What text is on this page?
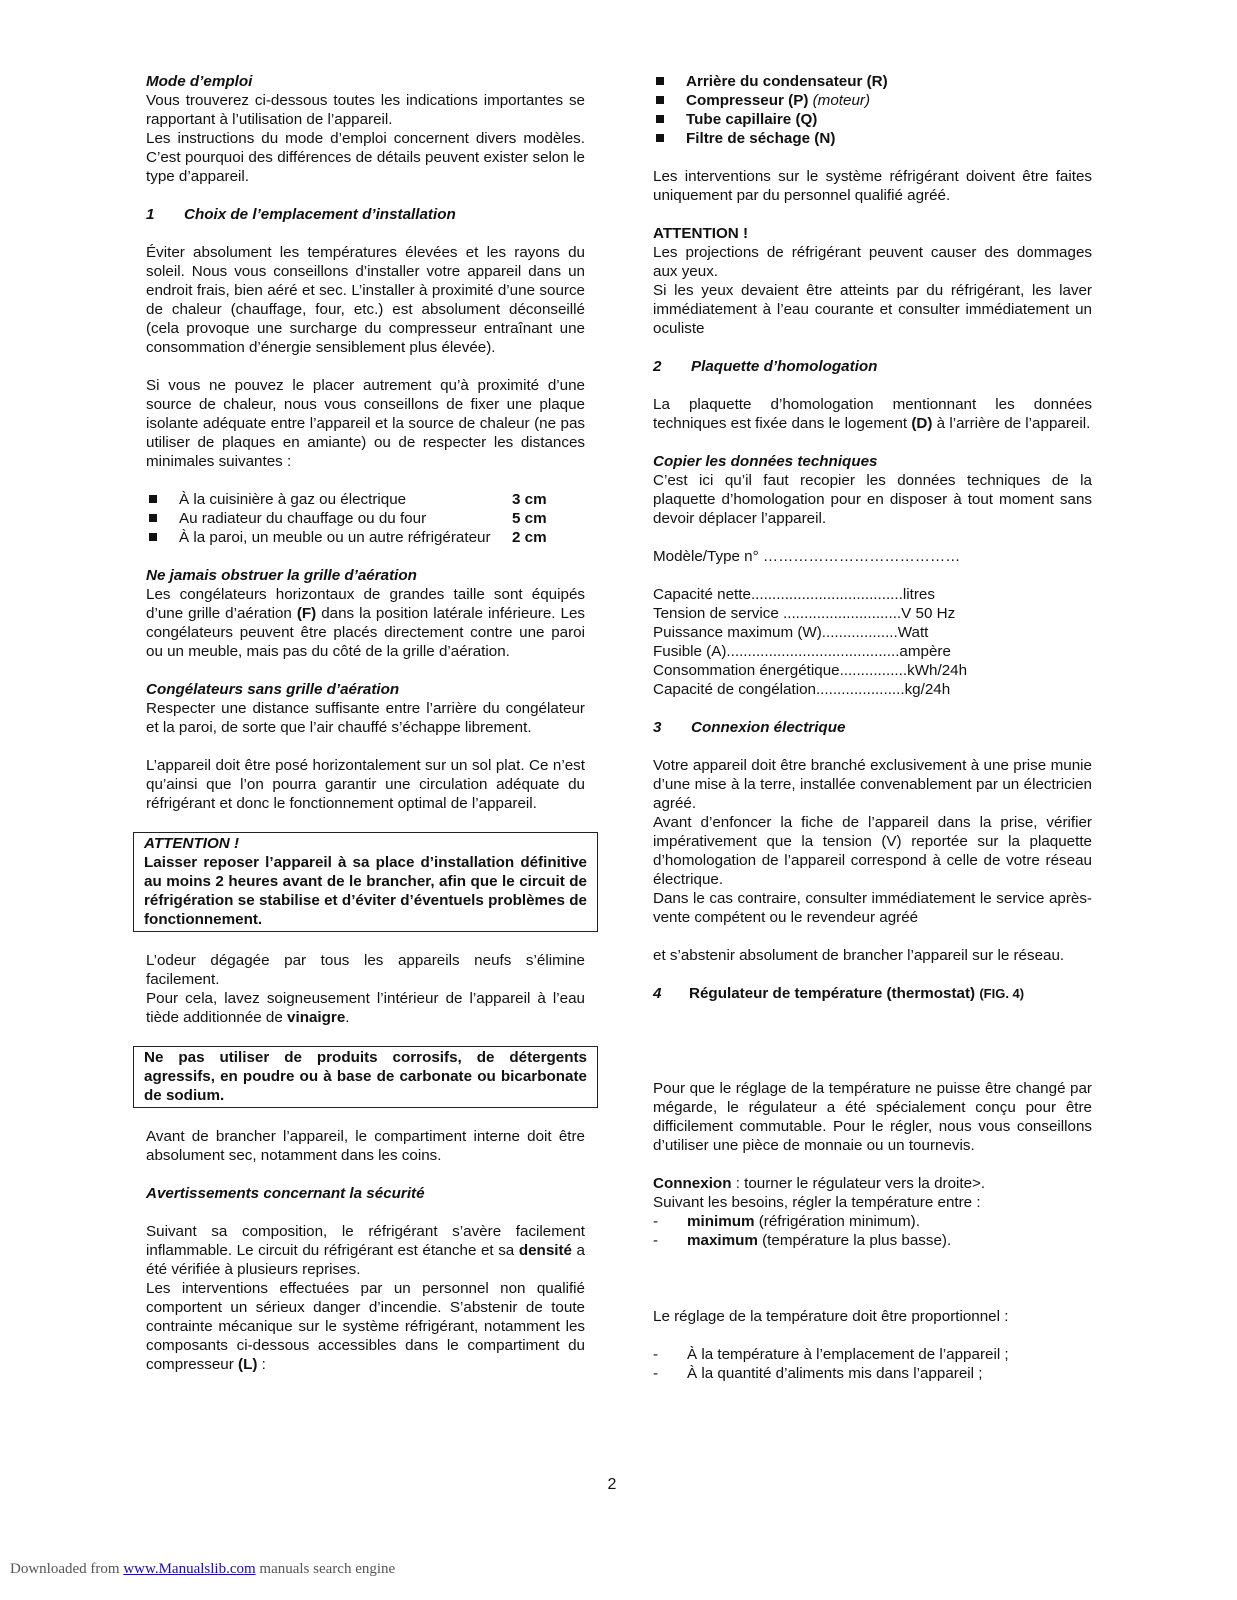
Mode d’emploi

Vous trouverez ci-dessous toutes les indications importantes se rapportant à l’utilisation de l’appareil.

Les instructions du mode d’emploi concernent divers modèles. C’est pourquoi des différences de détails peuvent exister selon le type d’appareil.

1 Choix de l’emplacement d’installation

Éviter absolument les températures élevées et les rayons du soleil. Nous vous conseillons d’installer votre appareil dans un endroit frais, bien aéré et sec. L’installer à proximité d’une source de chaleur (chauffage, four, etc.) est absolument déconseillé (cela provoque une surcharge du compresseur entraînant une consommation d’énergie sensiblement plus élevée).

Si vous ne pouvez le placer autrement qu’à proximité d’une source de chaleur, nous vous conseillons de fixer une plaque isolante adéquate entre l’appareil et la source de chaleur (ne pas utiliser de plaques en amiante) ou de respecter les distances minimales suivantes :

À la cuisinière à gaz ou électrique	3 cm
Au radiateur du chauffage ou du four	5 cm
À la paroi, un meuble ou un autre réfrigérateur	2 cm

Ne jamais obstruer la grille d’aération

Les congélateurs horizontaux de grandes taille sont équipés d’une grille d’aération (F) dans la position latérale inférieure. Les congélateurs peuvent être placés directement contre une paroi ou un meuble, mais pas du côté de la grille d’aération.

Congélateurs sans grille d’aération

Respecter une distance suffisante entre l’arrière du congélateur et la paroi, de sorte que l’air chauffé s’échappe librement.

L’appareil doit être posé horizontalement sur un sol plat. Ce n’est qu’ainsi que l’on pourra garantir une circulation adéquate du réfrigérant et donc le fonctionnement optimal de l’appareil.

ATTENTION !

Laisser reposer l’appareil à sa place d’installation définitive au moins 2 heures avant de le brancher, afin que le circuit de réfrigération se stabilise et d’éviter d’éventuels problèmes de fonctionnement.

L’odeur dégagée par tous les appareils neufs s’élimine facilement.

Pour cela, lavez soigneusement l’intérieur de l’appareil à l’eau tiède additionnée de vinaigre.

Ne pas utiliser de produits corrosifs, de détergents agressifs, en poudre ou à base de carbonate ou bicarbonate de sodium.

Avant de brancher l’appareil, le compartiment interne doit être absolument sec, notamment dans les coins.

Avertissements concernant la sécurité

Suivant sa composition, le réfrigérant s’avère facilement inflammable. Le circuit du réfrigérant est étanche et sa densité a été vérifiée à plusieurs reprises.

Les interventions effectuées par un personnel non qualifié comportent un sérieux danger d’incendie. S’abstenir de toute contrainte mécanique sur le système réfrigérant, notamment les composants ci-dessous accessibles dans le compartiment du compresseur (L) :

Arrière du condensateur (R)

Compresseur (P) (moteur)

Tube capillaire (Q)

Filtre de séchage (N)

Les interventions sur le système réfrigérant doivent être faites uniquement par du personnel qualifié agréé.

ATTENTION !

Les projections de réfrigérant peuvent causer des dommages aux yeux.

Si les yeux devaient être atteints par du réfrigérant, les laver immédiatement à l’eau courante et consulter immédiatement un oculiste

2 Plaquette d’homologation

La plaquette d’homologation mentionnant les données techniques est fixée dans le logement (D) à l’arrière de l’appareil.

Copier les données techniques

C’est ici qu’il faut recopier les données techniques de la plaquette d’homologation pour en disposer à tout moment sans devoir déplacer l’appareil.

Modèle/Type n° …………………………………

Capacité nette....................................litres

Tension de service ............................V 50 Hz

Puissance maximum (W)..................Watt

Fusible (A).........................................ampère

Consommation énergétique................kWh/24h

Capacité de congélation.....................kg/24h

3 Connexion électrique

Votre appareil doit être branché exclusivement à une prise munie d’une mise à la terre, installée convenablement par un électricien agréé.

Avant d’enfoncer la fiche de l’appareil dans la prise, vérifier impérativement que la tension (V) reportée sur la plaquette d’homologation de l’appareil correspond à celle de votre réseau électrique.

Dans le cas contraire, consulter immédiatement le service après-vente compétent ou le revendeur agréé

et s’abstenir absolument de brancher l’appareil sur le réseau.

4 Régulateur de température (thermostat) (FIG. 4)

Pour que le réglage de la température ne puisse être changé par mégarde, le régulateur a été spécialement conçu pour être difficilement commutable. Pour le régler, nous vous conseillons d’utiliser une pièce de monnaie ou un tournevis.

Connexion : tourner le régulateur vers la droite>.

Suivant les besoins, régler la température entre :

- minimum (réfrigération minimum).

- maximum (température la plus basse).

Le réglage de la température doit être proportionnel :

- À la température à l’emplacement de l’appareil ;

- À la quantité d’aliments mis dans l’appareil ;

2
Downloaded from www.Manualslib.com manuals search engine
